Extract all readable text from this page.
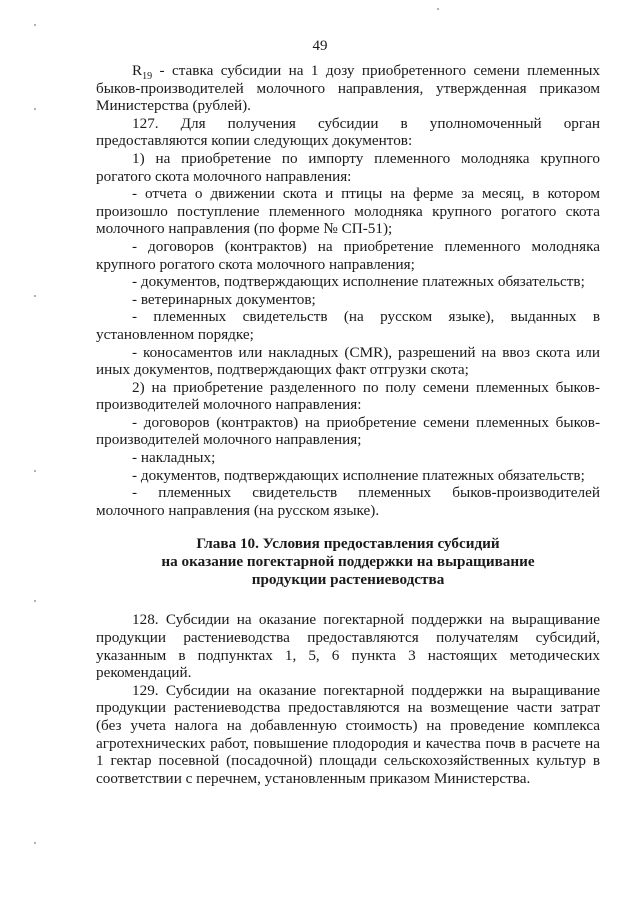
49

$R_{19}$ - ставка субсидии на 1 дозу приобретенного семени племенных быков-производителей молочного направления, утвержденная приказом Министерства (рублей).

127. Для получения субсидии в уполномоченный орган предоставляются копии следующих документов:

1) на приобретение по импорту племенного молодняка крупного рогатого скота молочного направления:

- отчета о движении скота и птицы на ферме за месяц, в котором произошло поступление племенного молодняка крупного рогатого скота молочного направления (по форме № СП-51);

- договоров (контрактов) на приобретение племенного молодняка крупного рогатого скота молочного направления;

- документов, подтверждающих исполнение платежных обязательств;

- ветеринарных документов;

- племенных свидетельств (на русском языке), выданных в установленном порядке;

- коносаментов или накладных (CMR), разрешений на ввоз скота или иных документов, подтверждающих факт отгрузки скота;

2) на приобретение разделенного по полу семени племенных быков-производителей молочного направления:

- договоров (контрактов) на приобретение семени племенных быков-производителей молочного направления;

- накладных;

- документов, подтверждающих исполнение платежных обязательств;

- племенных свидетельств племенных быков-производителей молочного направления (на русском языке).

Глава 10. Условия предоставления субсидий
на оказание погектарной поддержки на выращивание
продукции растениеводства

128. Субсидии на оказание погектарной поддержки на выращивание продукции растениеводства предоставляются получателям субсидий, указанным в подпунктах 1, 5, 6 пункта 3 настоящих методических рекомендаций.

129. Субсидии на оказание погектарной поддержки на выращивание продукции растениеводства предоставляются на возмещение части затрат (без учета налога на добавленную стоимость) на проведение комплекса агротехнических работ, повышение плодородия и качества почв в расчете на 1 гектар посевной (посадочной) площади сельскохозяйственных культур в соответствии с перечнем, установленным приказом Министерства.
